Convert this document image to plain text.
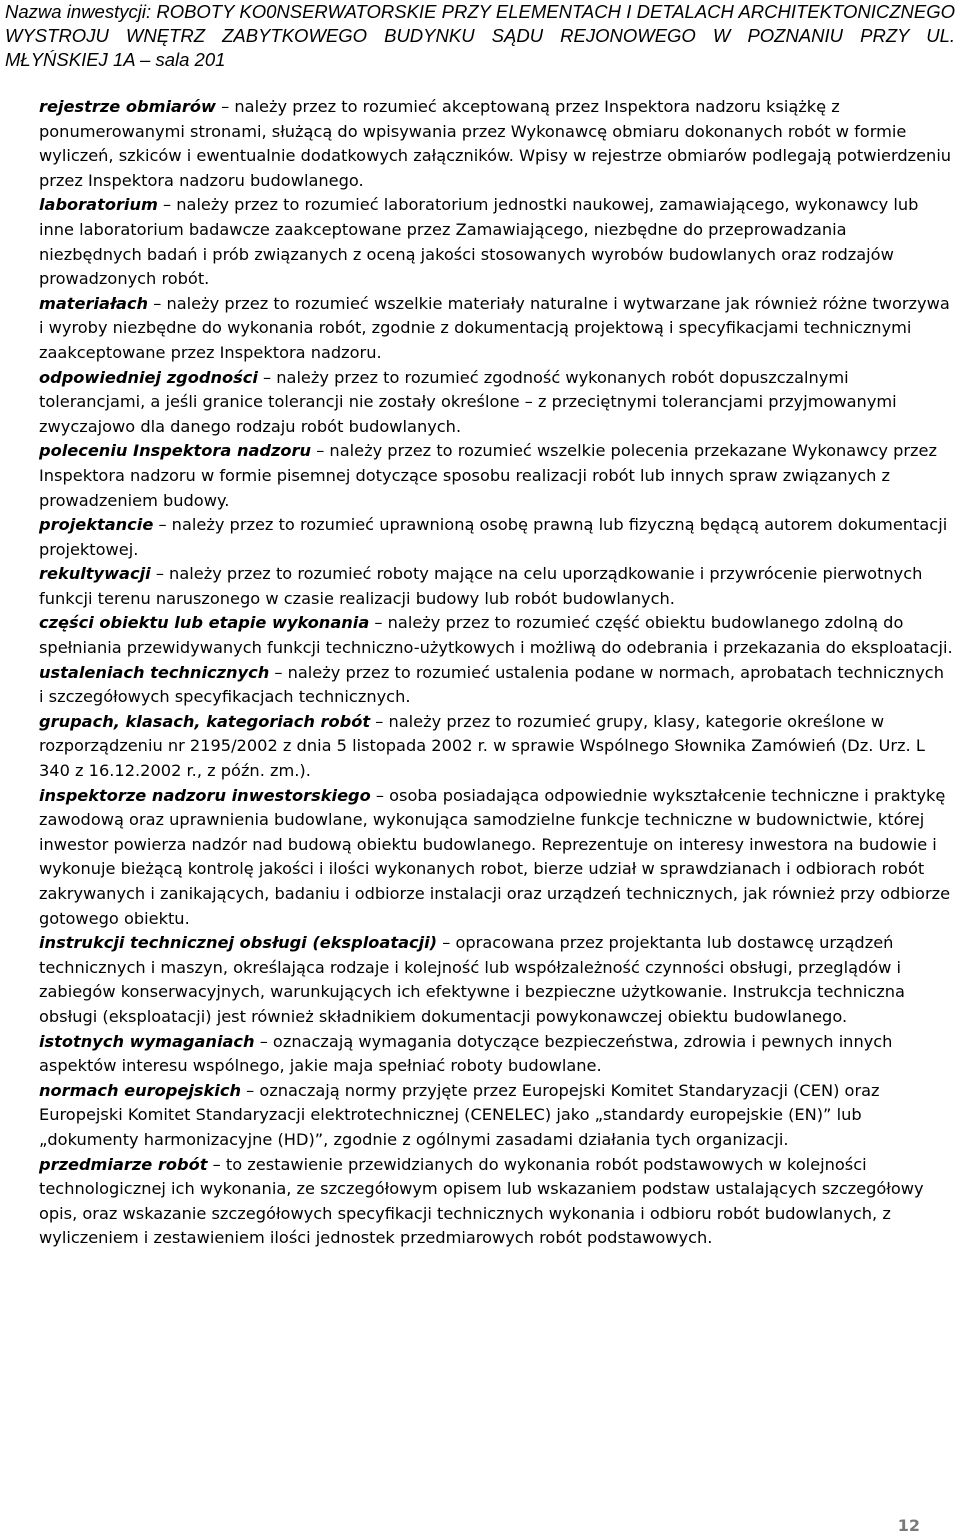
Nazwa inwestycji: ROBOTY KO0NSERWATORSKIE PRZY ELEMENTACH I DETALACH ARCHITEKTONICZNEGO WYSTROJU WNĘTRZ ZABYTKOWEGO BUDYNKU SĄDU REJONOWEGO W POZNANIU PRZY UL. MŁYŃSKIEJ 1A – sala 201

rejestrze obmiarów – należy przez to rozumieć akceptowaną przez Inspektora nadzoru książkę z ponumerowanymi stronami, służącą do wpisywania przez Wykonawcę obmiaru dokonanych robót w formie wyliczeń, szkiców i ewentualnie dodatkowych załączników. Wpisy w rejestrze obmiarów podlegają potwierdzeniu przez Inspektora nadzoru budowlanego.

laboratorium – należy przez to rozumieć laboratorium jednostki naukowej, zamawiającego, wykonawcy lub inne laboratorium badawcze zaakceptowane przez Zamawiającego, niezbędne do przeprowadzania niezbędnych badań i prób związanych z oceną jakości stosowanych wyrobów budowlanych oraz rodzajów prowadzonych robót.

materiałach – należy przez to rozumieć wszelkie materiały naturalne i wytwarzane jak również różne tworzywa i wyroby niezbędne do wykonania robót, zgodnie z dokumentacją projektową i specyfikacjami technicznymi zaakceptowane przez Inspektora nadzoru.

odpowiedniej zgodności – należy przez to rozumieć zgodność wykonanych robót dopuszczalnymi tolerancjami, a jeśli granice tolerancji nie zostały określone – z przeciętnymi tolerancjami przyjmowanymi zwyczajowo dla danego rodzaju robót budowlanych.

poleceniu Inspektora nadzoru – należy przez to rozumieć wszelkie polecenia przekazane Wykonawcy przez Inspektora nadzoru w formie pisemnej dotyczące sposobu realizacji robót lub innych spraw związanych z prowadzeniem budowy.

projektancie – należy przez to rozumieć uprawnioną osobę prawną lub fizyczną będącą autorem dokumentacji projektowej.

rekultywacji – należy przez to rozumieć roboty mające na celu uporządkowanie i przywrócenie pierwotnych funkcji terenu naruszonego w czasie realizacji budowy lub robót budowlanych.

części obiektu lub etapie wykonania – należy przez to rozumieć część obiektu budowlanego zdolną do spełniania przewidywanych funkcji techniczno-użytkowych i możliwą do odebrania i przekazania do eksploatacji.

ustaleniach technicznych – należy przez to rozumieć ustalenia podane w normach, aprobatach technicznych i szczegółowych specyfikacjach technicznych.

grupach, klasach, kategoriach robót – należy przez to rozumieć grupy, klasy, kategorie określone w rozporządzeniu nr 2195/2002 z dnia 5 listopada 2002 r. w sprawie Wspólnego Słownika Zamówień (Dz. Urz. L 340 z 16.12.2002 r., z późn. zm.).

inspektorze nadzoru inwestorskiego – osoba posiadająca odpowiednie wykształcenie techniczne i praktykę zawodową oraz uprawnienia budowlane, wykonująca samodzielne funkcje techniczne w budownictwie, której inwestor powierza nadzór nad budową obiektu budowlanego. Reprezentuje on interesy inwestora na budowie i wykonuje bieżącą kontrolę jakości i ilości wykonanych robot, bierze udział w sprawdzianach i odbiorach robót zakrywanych i zanikających, badaniu i odbiorze instalacji oraz urządzeń technicznych, jak również przy odbiorze gotowego obiektu.

instrukcji technicznej obsługi (eksploatacji) – opracowana przez projektanta lub dostawcę urządzeń technicznych i maszyn, określająca rodzaje i kolejność lub współzależność czynności obsługi, przeglądów i zabiegów konserwacyjnych, warunkujących ich efektywne i bezpieczne użytkowanie. Instrukcja techniczna obsługi (eksploatacji) jest również składnikiem dokumentacji powykonawczej obiektu budowlanego.

istotnych wymaganiach – oznaczają wymagania dotyczące bezpieczeństwa, zdrowia i pewnych innych aspektów interesu wspólnego, jakie maja spełniać roboty budowlane.

normach europejskich – oznaczają normy przyjęte przez Europejski Komitet Standaryzacji (CEN) oraz Europejski Komitet Standaryzacji elektrotechnicznej (CENELEC) jako „standardy europejskie (EN)” lub „dokumenty harmonizacyjne (HD)”, zgodnie z ogólnymi zasadami działania tych organizacji.

przedmiarze robót – to zestawienie przewidzianych do wykonania robót podstawowych w kolejności technologicznej ich wykonania, ze szczegółowym opisem lub wskazaniem podstaw ustalających szczegółowy opis, oraz wskazanie szczegółowych specyfikacji technicznych wykonania i odbioru robót budowlanych, z wyliczeniem i zestawieniem ilości jednostek przedmiarowych robót podstawowych.

12
